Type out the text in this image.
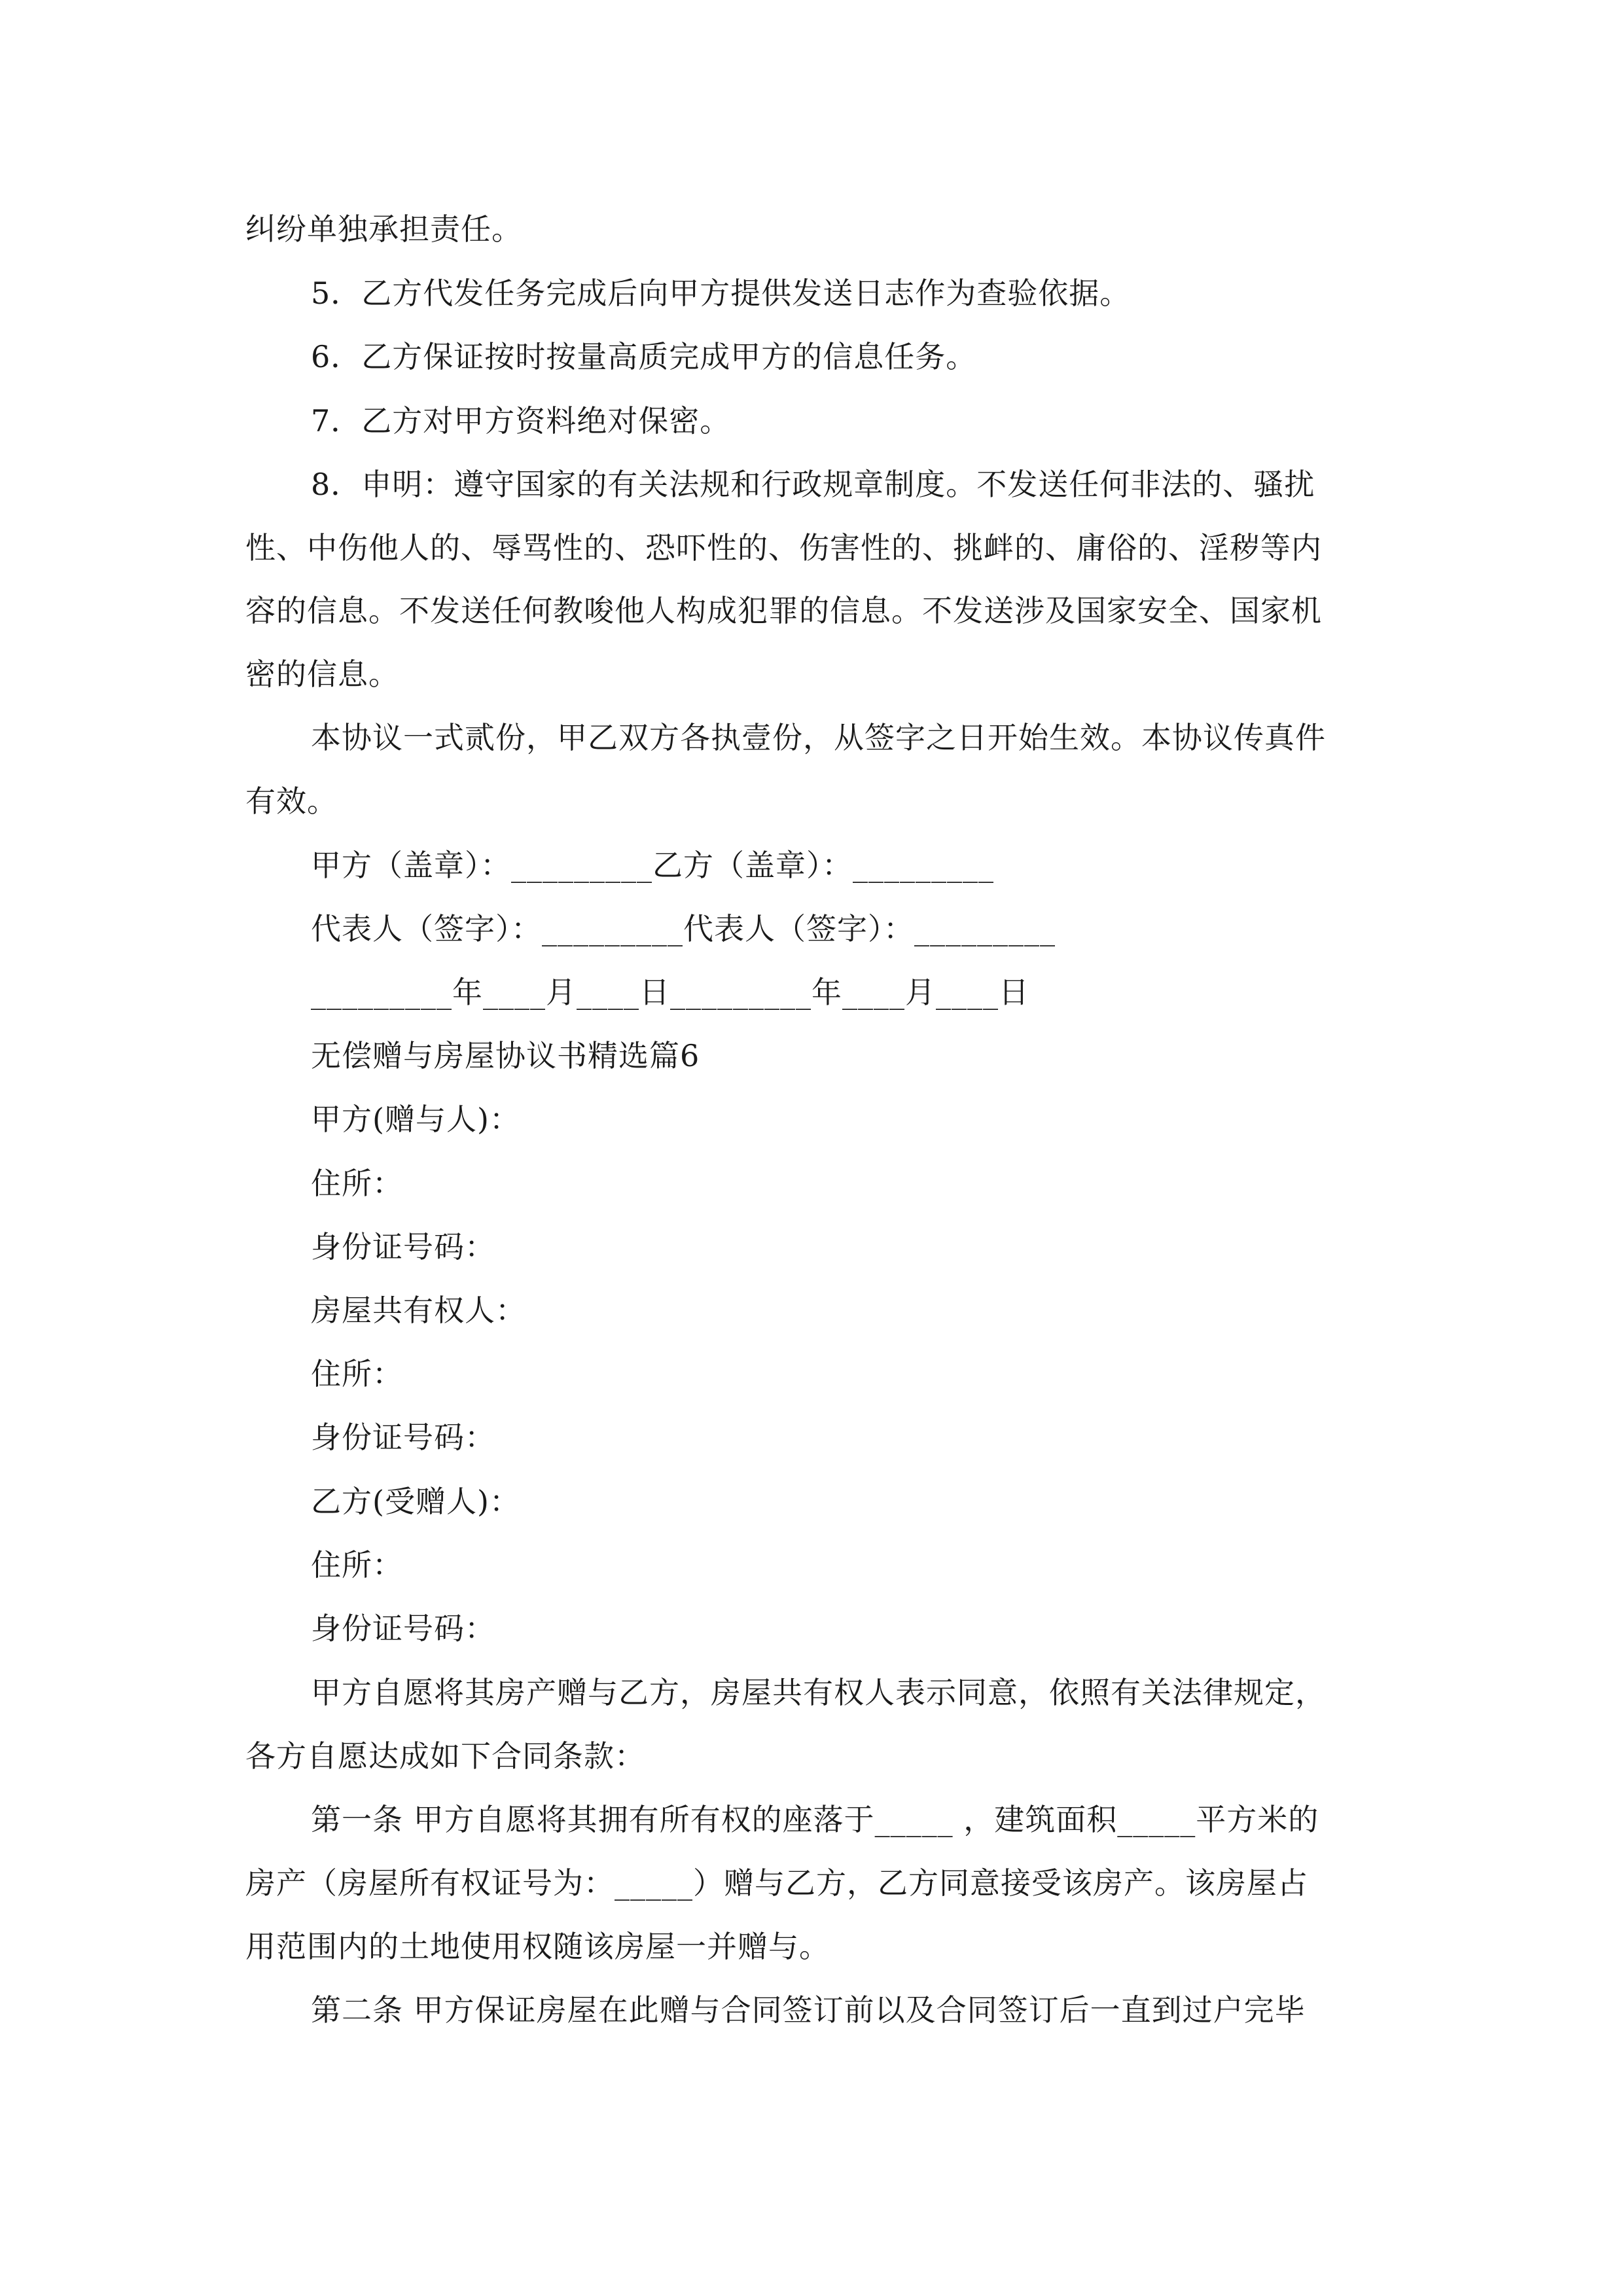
纠纷单独承担责任。
5．乙方代发任务完成后向甲方提供发送日志作为查验依据。
6．乙方保证按时按量高质完成甲方的信息任务。
7．乙方对甲方资料绝对保密。
8．申明：遵守国家的有关法规和行政规章制度。不发送任何非法的、骚扰
性、中伤他人的、辱骂性的、恐吓性的、伤害性的、挑衅的、庸俗的、淫秽等内
容的信息。不发送任何教唆他人构成犯罪的信息。不发送涉及国家安全、国家机
密的信息。
本协议一式贰份，甲乙双方各执壹份，从签字之日开始生效。本协议传真件
有效。
甲方（盖章）：_________乙方（盖章）：_________
代表人（签字）：_________代表人（签字）：_________
_________年____月____日_________年____月____日
无偿赠与房屋协议书精选篇6
甲方(赠与人)：
住所：
身份证号码：
房屋共有权人：
住所：
身份证号码：
乙方(受赠人)：
住所：
身份证号码：
甲方自愿将其房产赠与乙方，房屋共有权人表示同意，依照有关法律规定，
各方自愿达成如下合同条款：
第一条 甲方自愿将其拥有所有权的座落于_____ ，建筑面积_____平方米的
房产（房屋所有权证号为：_____）赠与乙方，乙方同意接受该房产。该房屋占
用范围内的土地使用权随该房屋一并赠与。
第二条 甲方保证房屋在此赠与合同签订前以及合同签订后一直到过户完毕
